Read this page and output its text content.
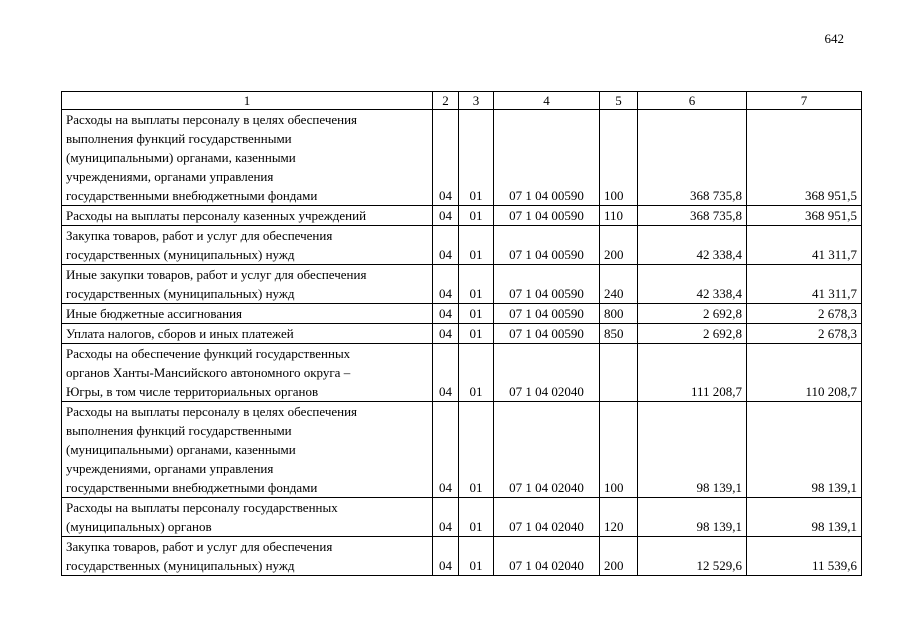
642
1	2	3	4	5	6	7
Расходы на выплаты персоналу в целях обеспечения
выполнения функций государственными
(муниципальными) органами, казенными
учреждениями, органами управления
государственными внебюджетными фондами	04	01	07 1 04 00590	100	368 735,8	368 951,5
Расходы на выплаты персоналу казенных учреждений	04	01	07 1 04 00590	110	368 735,8	368 951,5
Закупка товаров, работ и услуг для обеспечения
государственных (муниципальных) нужд	04	01	07 1 04 00590	200	42 338,4	41 311,7
Иные закупки товаров, работ и услуг для обеспечения
государственных (муниципальных) нужд	04	01	07 1 04 00590	240	42 338,4	41 311,7
Иные бюджетные ассигнования	04	01	07 1 04 00590	800	2 692,8	2 678,3
Уплата налогов, сборов и иных платежей	04	01	07 1 04 00590	850	2 692,8	2 678,3
Расходы на обеспечение функций государственных
органов Ханты-Мансийского автономного округа –
Югры, в том числе территориальных органов	04	01	07 1 04 02040		111 208,7	110 208,7
Расходы на выплаты персоналу в целях обеспечения
выполнения функций государственными
(муниципальными) органами, казенными
учреждениями, органами управления
государственными внебюджетными фондами	04	01	07 1 04 02040	100	98 139,1	98 139,1
Расходы на выплаты персоналу государственных
(муниципальных) органов	04	01	07 1 04 02040	120	98 139,1	98 139,1
Закупка товаров, работ и услуг для обеспечения
государственных (муниципальных) нужд	04	01	07 1 04 02040	200	12 529,6	11 539,6
